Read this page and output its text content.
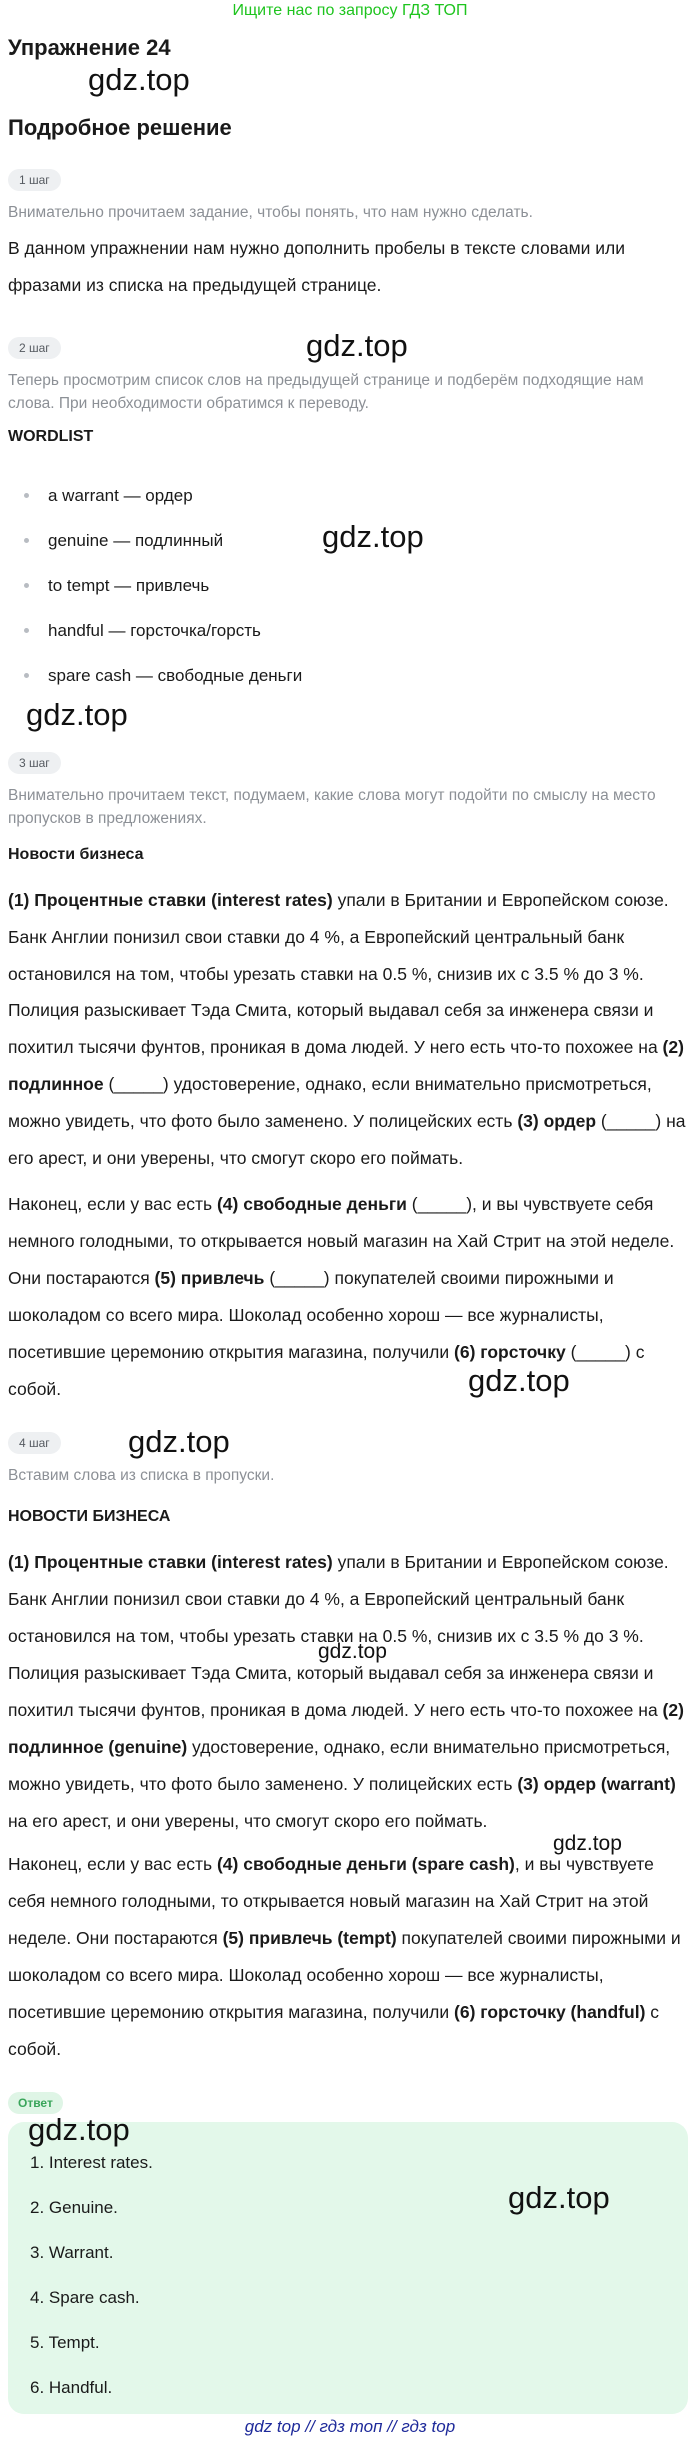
Ищите нас по запросу ГДЗ ТОП
Упражнение 24
gdz.top
Подробное решение
1 шаг

Внимательно прочитаем задание, чтобы понять, что нам нужно сделать.

В данном упражнении нам нужно дополнить пробелы в тексте словами или фразами из списка на предыдущей странице.

gdz.top
2 шаг

Теперь просмотрим список слов на предыдущей странице и подберём подходящие нам слова. При необходимости обратимся к переводу.

WORDLIST
a warrant — ордер
genuine — подлинный
to tempt — привлечь
handful — горсточка/горсть
spare cash — свободные деньги
gdz.top
gdz.top
3 шаг

Внимательно прочитаем текст, подумаем, какие слова могут подойти по смыслу на место пропусков в предложениях.

Новости бизнеса

(1) Процентные ставки (interest rates) упали в Британии и Европейском союзе. Банк Англии понизил свои ставки до 4 %, а Европейский центральный банк остановился на том, чтобы урезать ставки на 0.5 %, снизив их с 3.5 % до 3 %.

Полиция разыскивает Тэда Смита, который выдавал себя за инженера связи и похитил тысячи фунтов, проникая в дома людей. У него есть что-то похожее на (2) подлинное (_____) удостоверение, однако, если внимательно присмотреться, можно увидеть, что фото было заменено. У полицейских есть (3) ордер (_____) на его арест, и они уверены, что смогут скоро его поймать.

Наконец, если у вас есть (4) свободные деньги (_____), и вы чувствуете себя немного голодными, то открывается новый магазин на Хай Стрит на этой неделе. Они постараются (5) привлечь (_____) покупателей своими пирожными и шоколадом со всего мира. Шоколад особенно хорош — все журналисты, посетившие церемонию открытия магазина, получили (6) горсточку (_____) с собой.	gdz.top
gdz.top
4 шаг

Вставим слова из списка в пропуски.

НОВОСТИ БИЗНЕСА

(1) Процентные ставки (interest rates) упали в Британии и Европейском союзе. Банк Англии понизил свои ставки до 4 %, а Европейский центральный банк остановился на том, чтобы урезать ставки на 0.5 %, снизив их с 3.5 % до 3 %.

gdz.top

Полиция разыскивает Тэда Смита, который выдавал себя за инженера связи и похитил тысячи фунтов, проникая в дома людей. У него есть что-то похожее на (2) подлинное (genuine) удостоверение, однако, если внимательно присмотреться, можно увидеть, что фото было заменено. У полицейских есть (3) ордер (warrant) на его арест, и они уверены, что смогут скоро его поймать.

gdz.top

Наконец, если у вас есть (4) свободные деньги (spare cash), и вы чувствуете себя немного голодными, то открывается новый магазин на Хай Стрит на этой неделе. Они постараются (5) привлечь (tempt) покупателей своими пирожными и шоколадом со всего мира. Шоколад особенно хорош — все журналисты, посетившие церемонию открытия магазина, получили (6) горсточку (handful) с собой.

Ответ
1. Interest rates.
2. Genuine.
3. Warrant.
4. Spare cash.
5. Tempt.
6. Handful.
gdz.top
gdz.top
gdz top // гдз топ // гдз top
